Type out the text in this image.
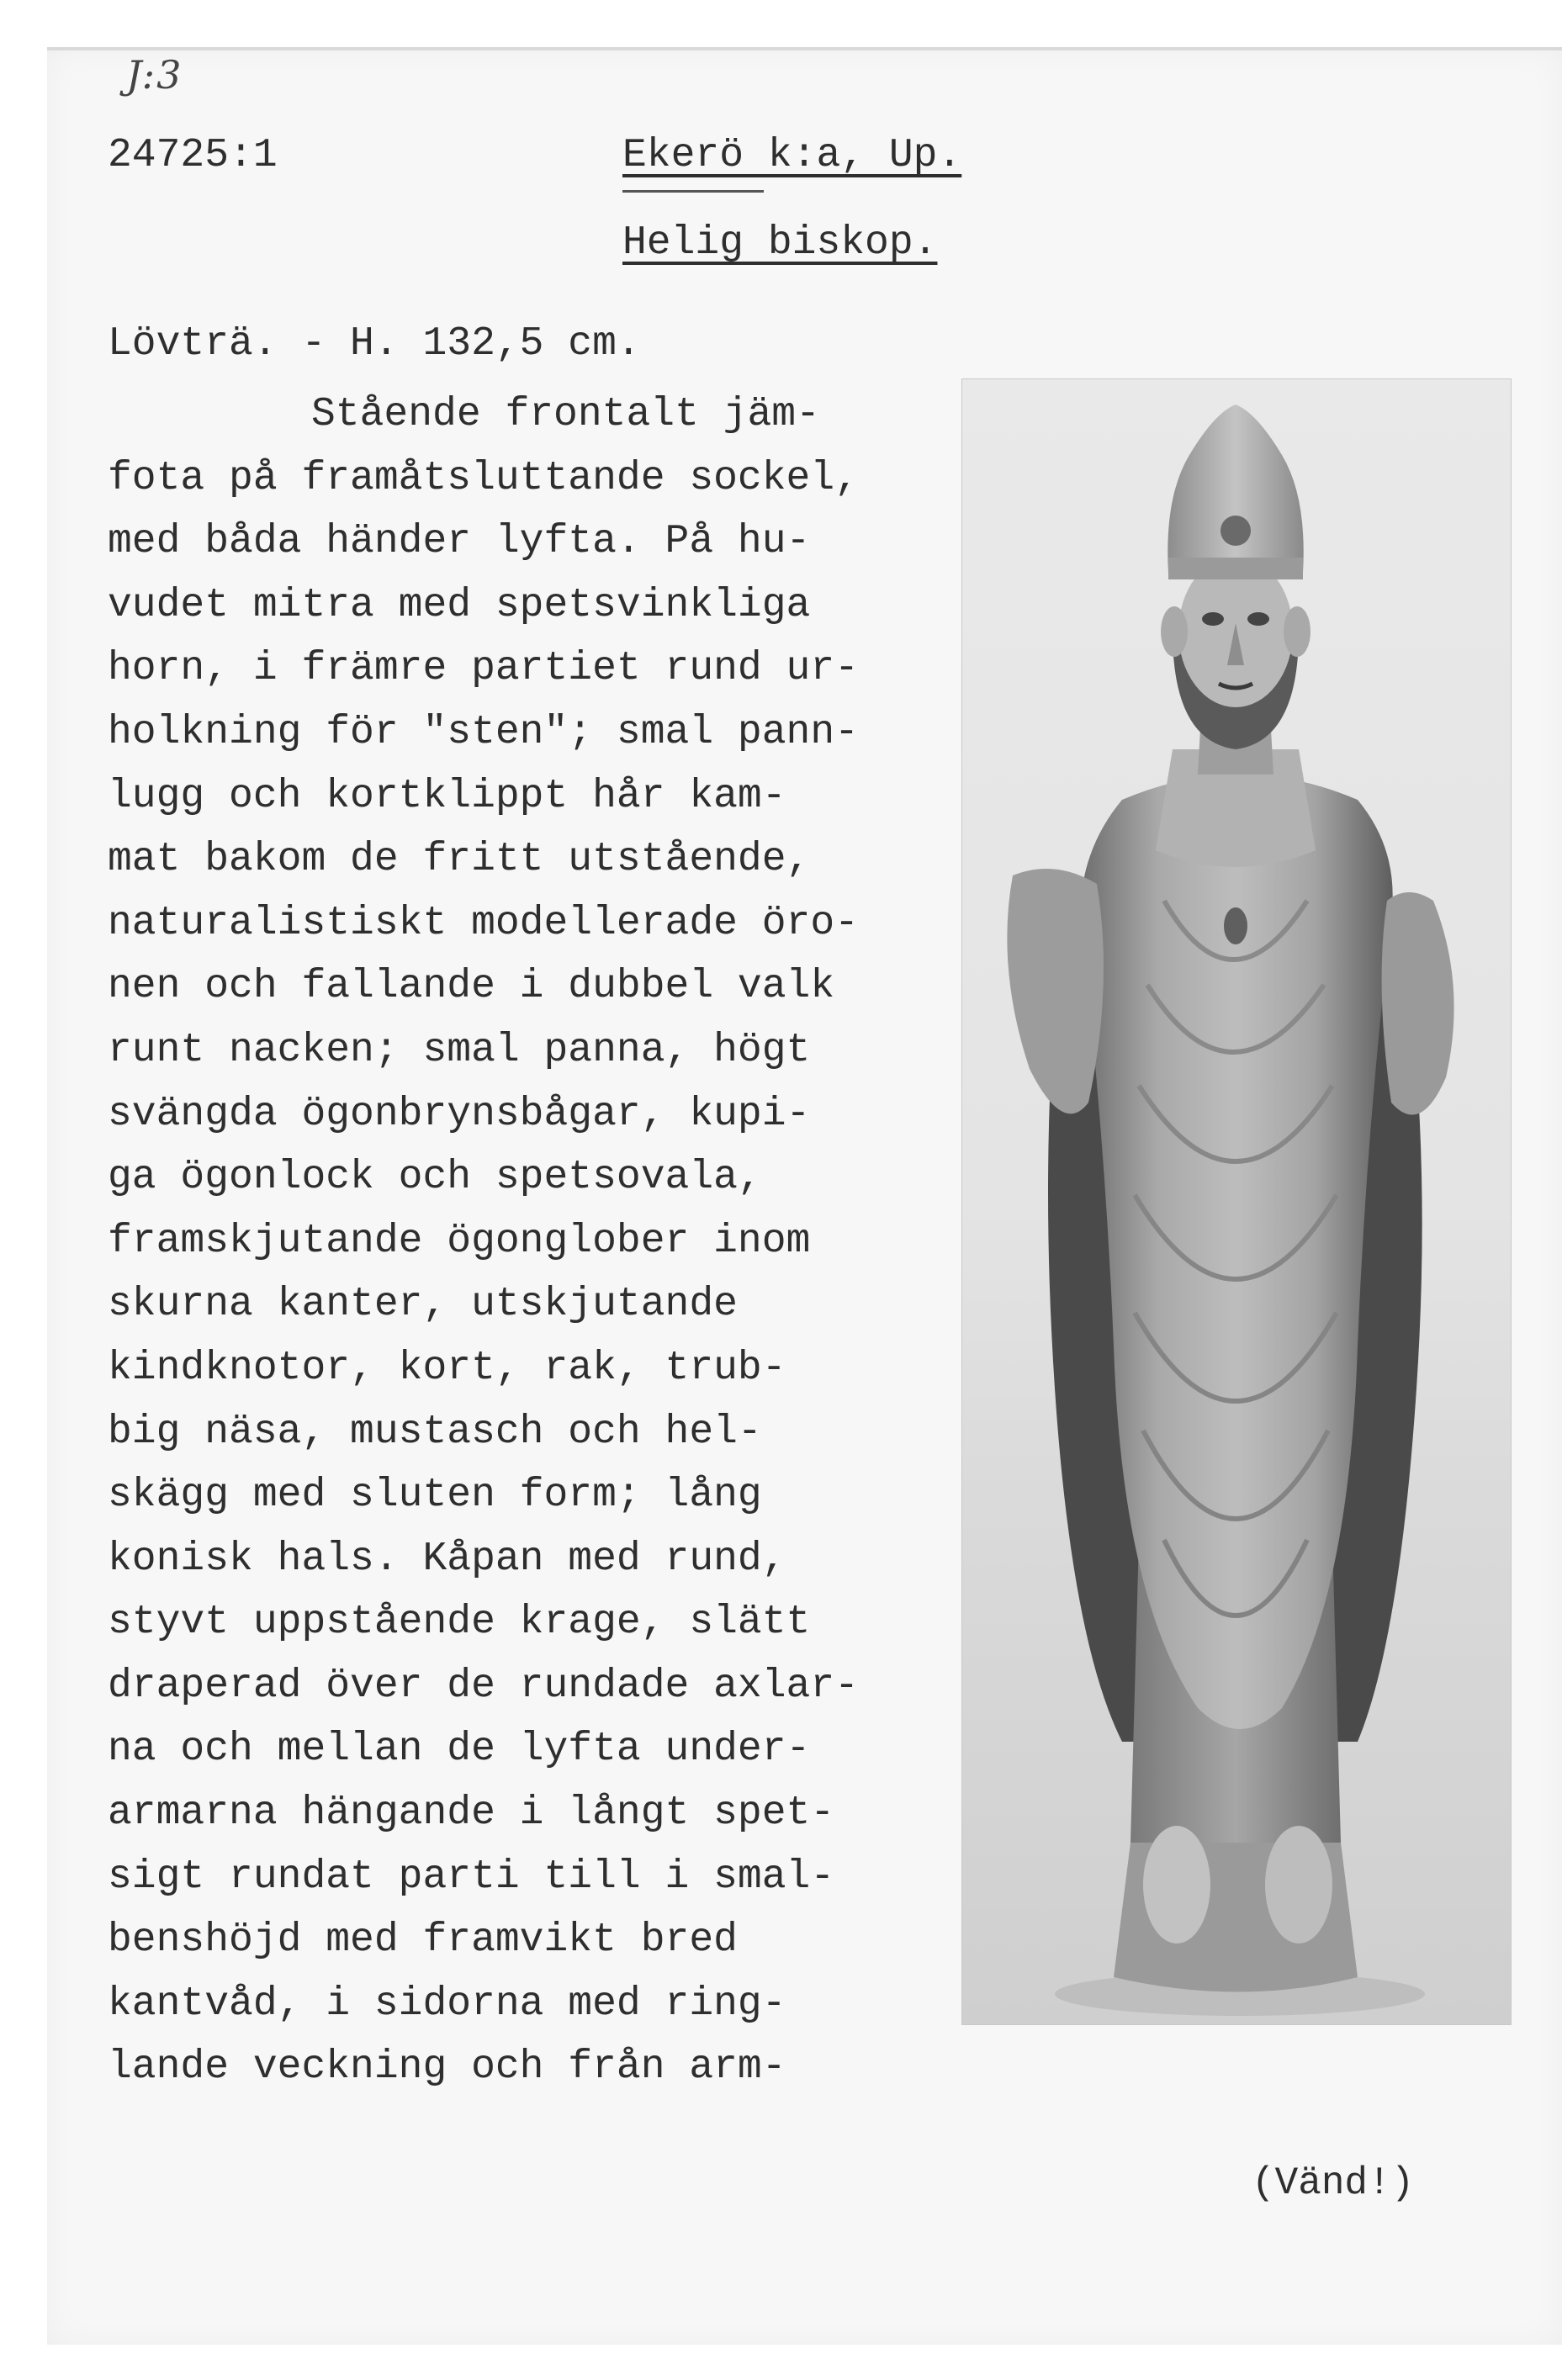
J:3
24725:1	Ekerö k:a, Up.
Helig biskop.
Lövträ. - H. 132,5 cm.
Stående frontalt jäm-
fota på framåtsluttande sockel,
med båda händer lyfta. På hu-
vudet mitra med spetsvinkliga
horn, i främre partiet rund ur-
holkning för "sten"; smal pann-
lugg och kortklippt hår kam-
mat bakom de fritt utstående,
naturalistiskt modellerade öro-
nen och fallande i dubbel valk
runt nacken; smal panna, högt
svängda ögonbrynsbågar, kupi-
ga ögonlock och spetsovala,
framskjutande ögonglober inom
skurna kanter, utskjutande
kindknotor, kort, rak, trub-
big näsa, mustasch och hel-
skägg med sluten form; lång
konisk hals. Kåpan med rund,
styvt uppstående krage, slätt
draperad över de rundade axlar-
na och mellan de lyfta under-
armarna hängande i långt spet-
sigt rundat parti till i smal-
benshöjd med framvikt bred
kantvåd, i sidorna med ring-
lande veckning och från arm-
(Vänd!)
